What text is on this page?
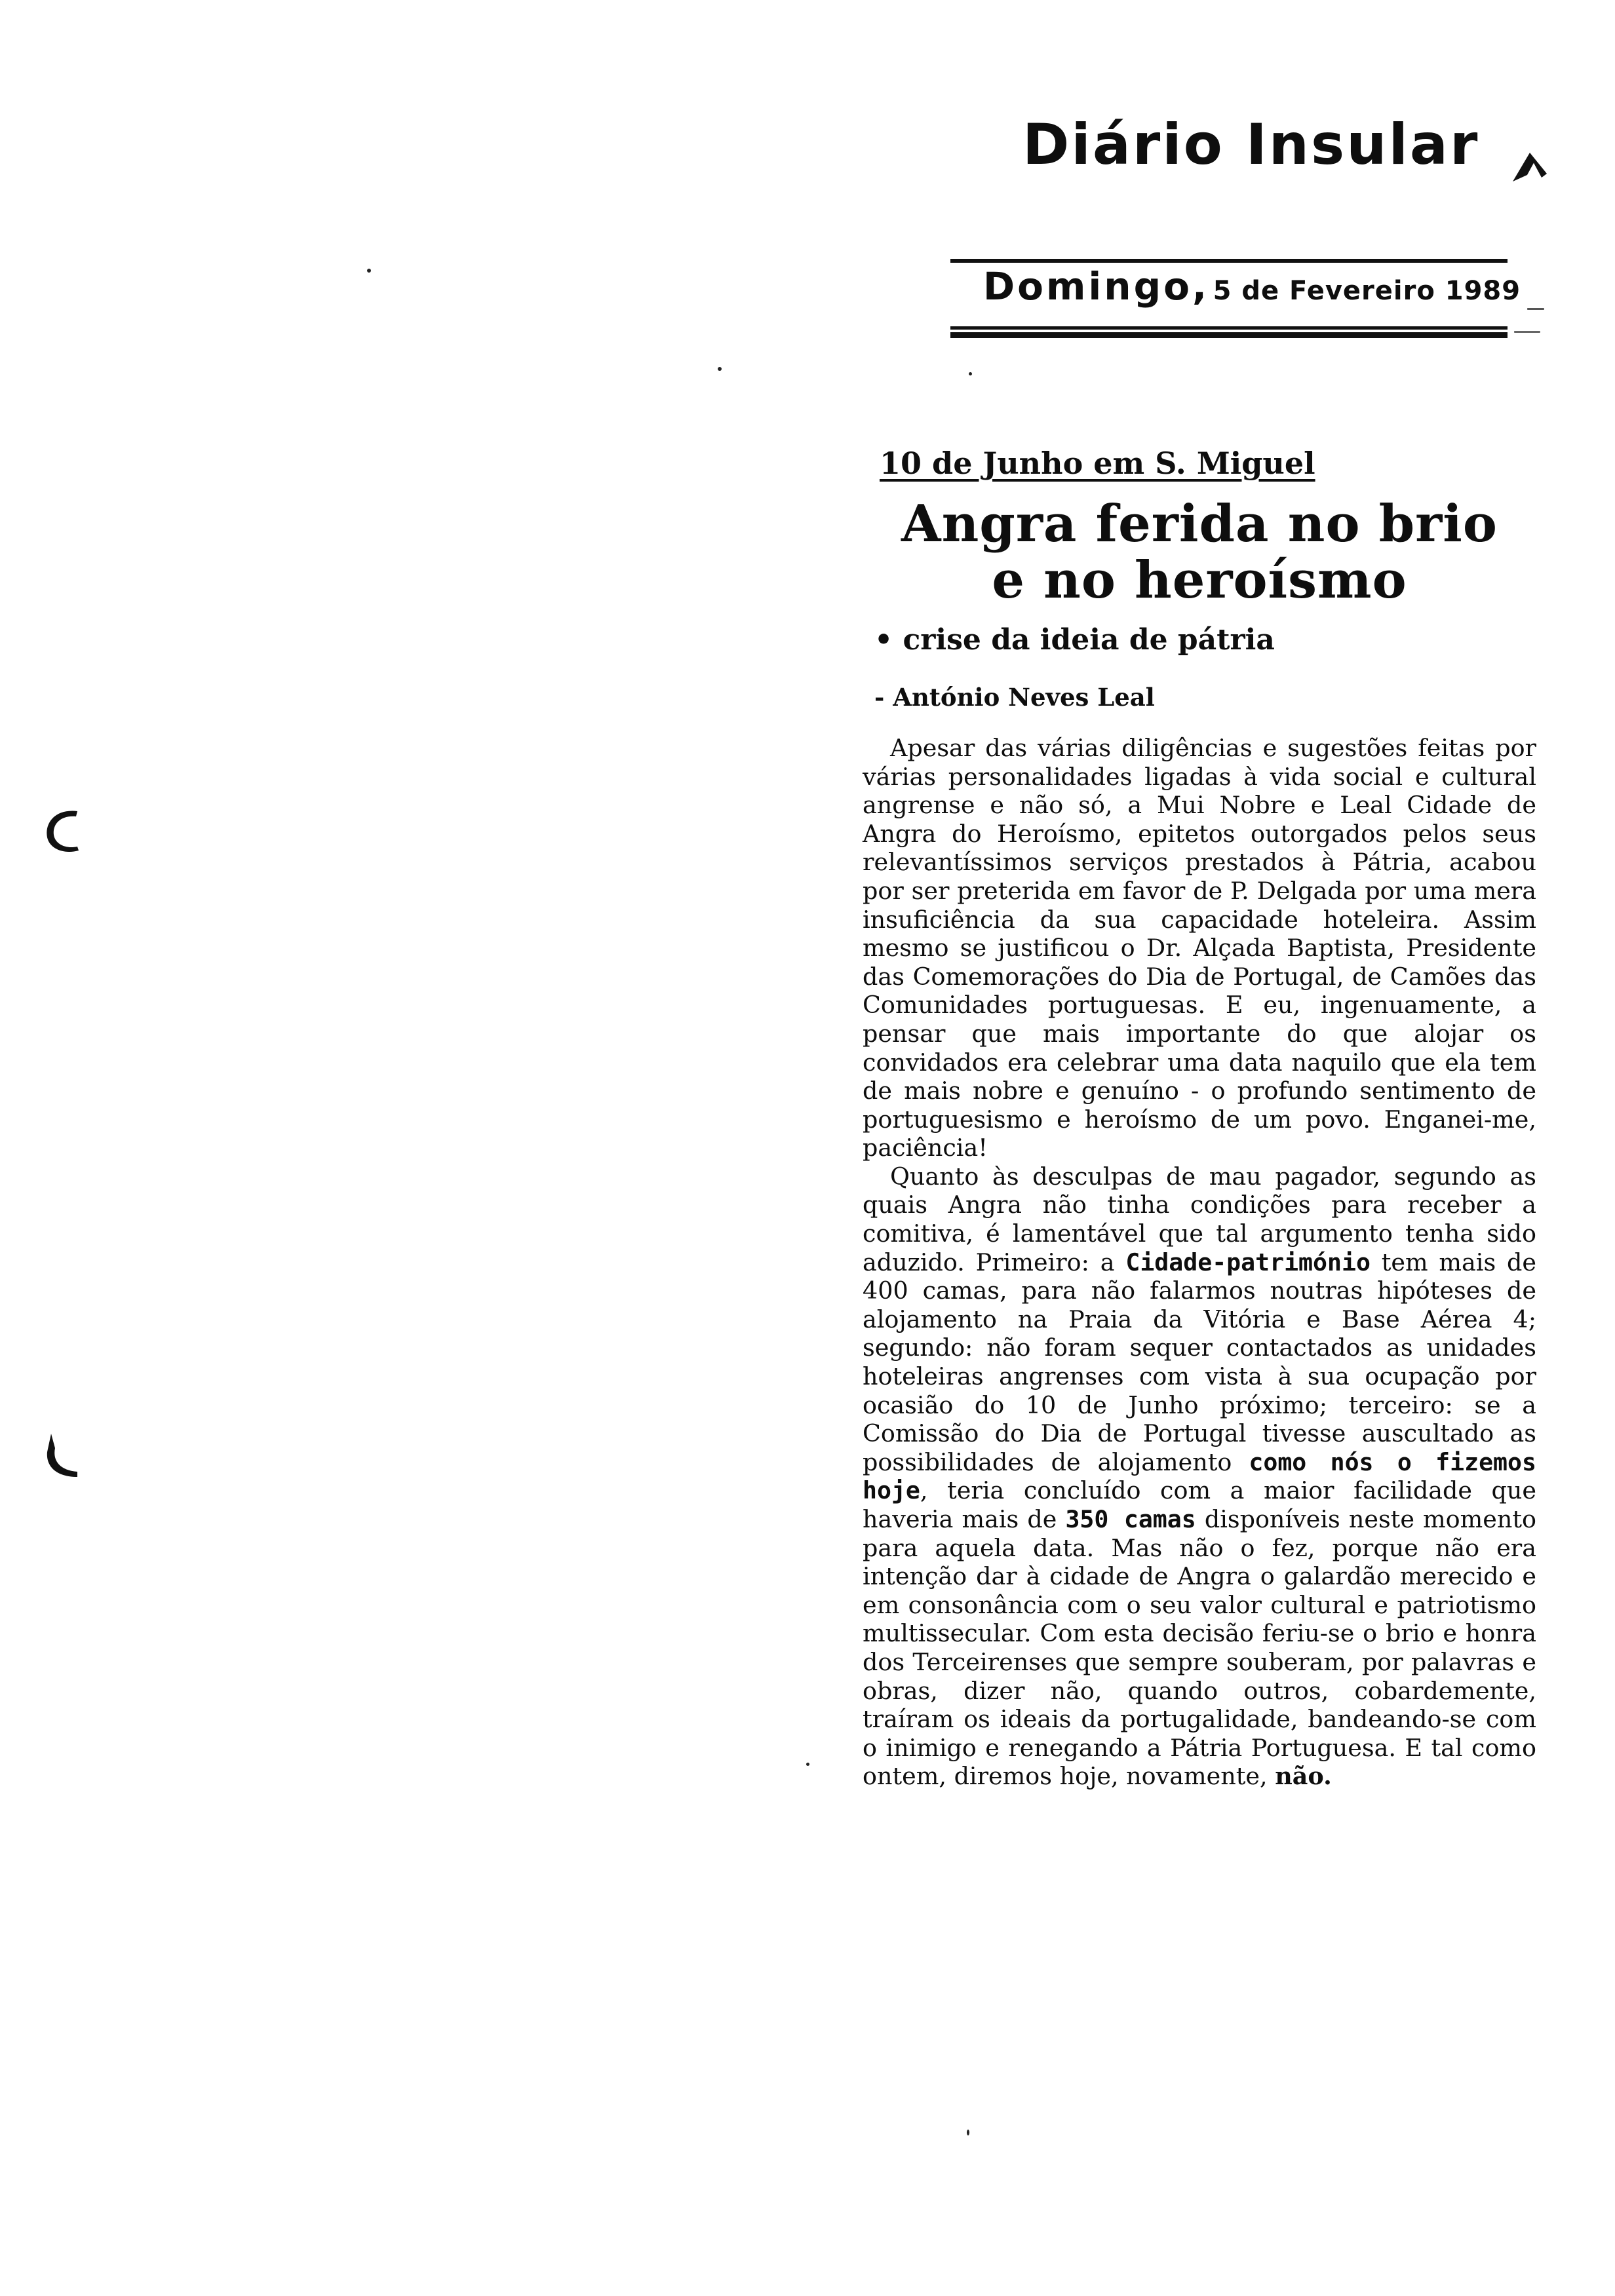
Diário Insular
Domingo, 5 de Fevereiro 1989
10 de Junho em S. Miguel
Angra ferida no brio
e no heroísmo
• crise da ideia de pátria
- António Neves Leal

Apesar das várias diligências e sugestões feitas por várias personalidades ligadas à vida social e cultural angrense e não só, a Mui Nobre e Leal Cidade de Angra do Heroísmo, epitetos outorgados pelos seus relevantíssimos serviços prestados à Pátria, acabou por ser preterida em favor de P. Delgada por uma mera insuficiência da sua capacidade hoteleira. Assim mesmo se justificou o Dr. Alçada Baptista, Presidente das Comemorações do Dia de Portugal, de Camões das Comunidades portuguesas. E eu, ingenuamente, a pensar que mais importante do que alojar os convidados era celebrar uma data naquilo que ela tem de mais nobre e genuíno - o profundo sentimento de portuguesismo e heroísmo de um povo. Enganei-me, paciência!

Quanto às desculpas de mau pagador, segundo as quais Angra não tinha condições para receber a comitiva, é lamentável que tal argumento tenha sido aduzido. Primeiro: a Cidade-património tem mais de 400 camas, para não falarmos noutras hipóteses de alojamento na Praia da Vitória e Base Aérea 4; segundo: não foram sequer contactados as unidades hoteleiras angrenses com vista à sua ocupação por ocasião do 10 de Junho próximo; terceiro: se a Comissão do Dia de Portugal tivesse auscultado as possibilidades de alojamento como nós o fizemos hoje, teria concluído com a maior facilidade que haveria mais de 350 camas disponíveis neste momento para aquela data. Mas não o fez, porque não era intenção dar à cidade de Angra o galardão merecido e em consonância com o seu valor cultural e patriotismo multissecular. Com esta decisão feriu-se o brio e honra dos Terceirenses que sempre souberam, por palavras e obras, dizer não, quando outros, cobardemente, traíram os ideais da portugalidade, bandeando-se com o inimigo e renegando a Pátria Portuguesa. E tal como ontem, diremos hoje, novamente, não.
